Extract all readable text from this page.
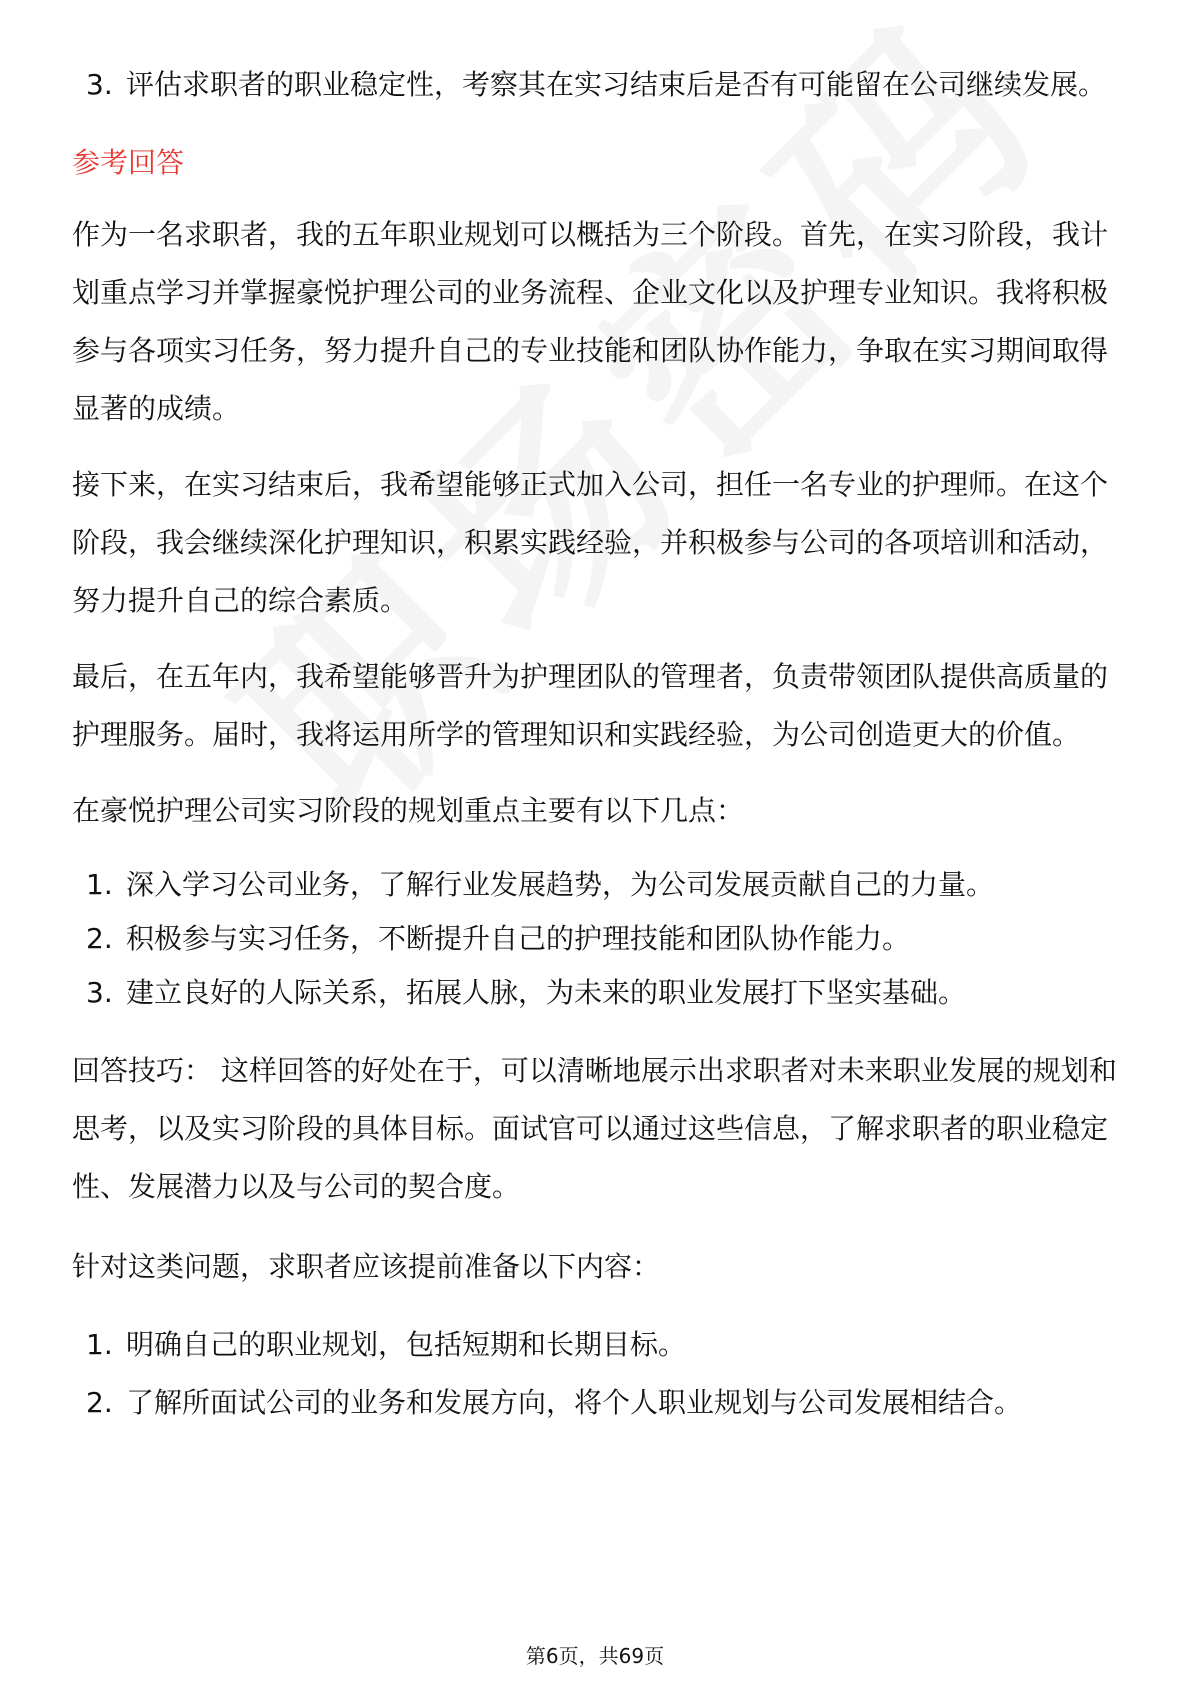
3. 评估求职者的职业稳定性，考察其在实习结束后是否有可能留在公司继续发展。

参考回答

作为一名求职者，我的五年职业规划可以概括为三个阶段。首先，在实习阶段，我计划重点学习并掌握豪悦护理公司的业务流程、企业文化以及护理专业知识。我将积极参与各项实习任务，努力提升自己的专业技能和团队协作能力，争取在实习期间取得显著的成绩。

接下来，在实习结束后，我希望能够正式加入公司，担任一名专业的护理师。在这个阶段，我会继续深化护理知识，积累实践经验，并积极参与公司的各项培训和活动，努力提升自己的综合素质。

最后，在五年内，我希望能够晋升为护理团队的管理者，负责带领团队提供高质量的护理服务。届时，我将运用所学的管理知识和实践经验，为公司创造更大的价值。

在豪悦护理公司实习阶段的规划重点主要有以下几点：

1. 深入学习公司业务，了解行业发展趋势，为公司发展贡献自己的力量。
2. 积极参与实习任务，不断提升自己的护理技能和团队协作能力。
3. 建立良好的人际关系，拓展人脉，为未来的职业发展打下坚实基础。

回答技巧： 这样回答的好处在于，可以清晰地展示出求职者对未来职业发展的规划和思考，以及实习阶段的具体目标。面试官可以通过这些信息，了解求职者的职业稳定性、发展潜力以及与公司的契合度。

针对这类问题，求职者应该提前准备以下内容：

1. 明确自己的职业规划，包括短期和长期目标。
2. 了解所面试公司的业务和发展方向，将个人职业规划与公司发展相结合。
第6页，共69页
